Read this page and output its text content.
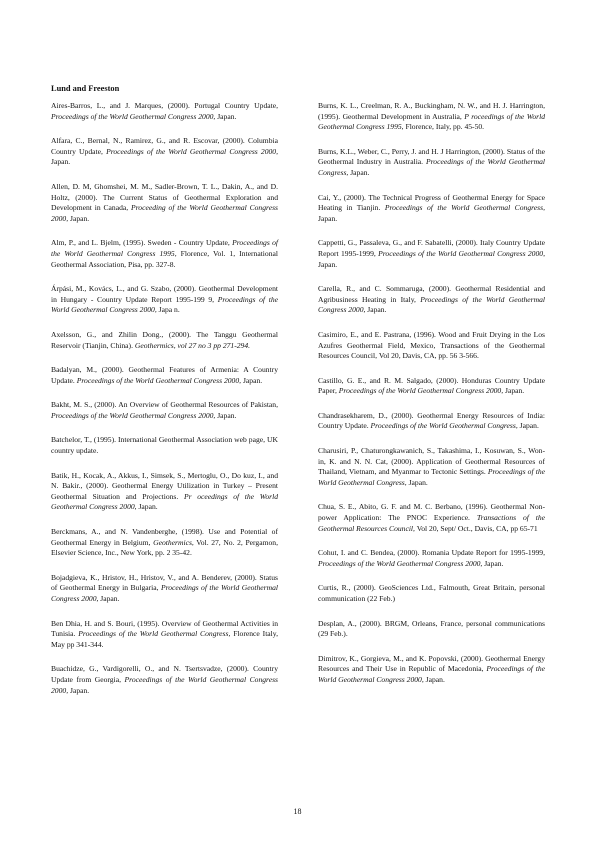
Lund and Freeston

Aires-Barros, L., and J. Marques, (2000). Portugal Country Update, Proceedings of the World Geothermal Congress 2000, Japan.

Alfara, C., Bernal, N., Ramirez, G., and R. Escovar, (2000). Columbia Country Update, Proceedings of the World Geothermal Congress 2000, Japan.

Allen, D. M, Ghomshei, M. M., Sadler-Brown, T. L., Dakin, A., and D. Holtz, (2000). The Current Status of Geothermal Exploration and Development in Canada, Proceeding of the World Geothermal Congress 2000, Japan.

Alm, P., and L. Bjelm, (1995). Sweden - Country Update, Proceedings of the World Geothermal Congress 1995, Florence, Vol. 1, International Geothermal Association, Pisa, pp. 327-8.

Árpási, M., Kovács, L., and G. Szabo, (2000). Geothermal Development in Hungary - Country Update Report 1995-199 9, Proceedings of the World Geothermal Congress 2000, Japa n.

Axelsson, G., and Zhilin Dong., (2000). The Tanggu Geothermal Reservoir (Tianjin, China). Geothermics, vol 27 no 3 pp 271-294.

Badalyan, M., (2000). Geothermal Features of Armenia: A Country Update. Proceedings of the World Geothermal Congress 2000, Japan.

Bakht, M. S., (2000). An Overview of Geothermal Resources of Pakistan, Proceedings of the World Geothermal Congress 2000, Japan.

Batchelor, T., (1995). International Geothermal Association web page, UK country update.

Batik, H., Kocak, A., Akkus, I., Simsek, S., Mertoglu, O., Do kuz, I., and N. Bakir., (2000). Geothermal Energy Utilization in Turkey – Present Geothermal Situation and Projections. Pr oceedings of the World Geothermal Congress 2000, Japan.

Berckmans, A., and N. Vandenberghe, (1998). Use and Potential of Geothermal Energy in Belgium, Geothermics, Vol. 27, No. 2, Pergamon, Elsevier Science, Inc., New York, pp. 2 35-42.

Bojadgieva, K., Hristov, H., Hristov, V., and A. Benderev, (2000). Status of Geothermal Energy in Bulgaria, Proceedings of the World Geothermal Congress 2000, Japan.

Ben Dhia, H. and S. Bouri, (1995). Overview of Geothermal Activities in Tunisia. Proceedings of the World Geothermal Congress, Florence Italy, May pp 341-344.

Buachidze, G., Vardigorelli, O., and N. Tsertsvadze, (2000). Country Update from Georgia, Proceedings of the World Geothermal Congress 2000, Japan.

Burns, K. L., Creelman, R. A., Buckingham, N. W., and H. J. Harrington, (1995). Geothermal Development in Australia, P roceedings of the World Geothermal Congress 1995, Florence, Italy, pp. 45-50.

Burns, K.L., Weber, C., Perry, J. and H. J Harrington, (2000). Status of the Geothermal Industry in Australia. Proceedings of the World Geothermal Congress, Japan.

Cai, Y., (2000). The Technical Progress of Geothermal Energy for Space Heating in Tianjin. Proceedings of the World Geothermal Congress, Japan.

Cappetti, G., Passaleva, G., and F. Sabatelli, (2000). Italy Country Update Report 1995-1999, Proceedings of the World Geothermal Congress 2000, Japan.

Carella, R., and C. Sommaruga, (2000). Geothermal Residential and Agribusiness Heating in Italy, Proceedings of the World Geothermal Congress 2000, Japan.

Casimiro, E., and E. Pastrana, (1996). Wood and Fruit Drying in the Los Azufres Geothermal Field, Mexico, Transactions of the Geothermal Resources Council, Vol 20, Davis, CA, pp. 56 3-566.

Castillo, G. E., and R. M. Salgado, (2000). Honduras Country Update Paper, Proceedings of the World Geothermal Congress 2000, Japan.

Chandrasekharem, D., (2000). Geothermal Energy Resources of India: Country Update. Proceedings of the World Geothermal Congress, Japan.

Charusiri, P., Chaturongkawanich, S., Takashima, I., Kosuwan, S., Won-in, K. and N. N. Cat, (2000). Application of Geothermal Resources of Thailand, Vietnam, and Myanmar to Tectonic Settings. Proceedings of the World Geothermal Congress, Japan.

Chua, S. E., Abito, G. F. and M. C. Berbano, (1996). Geothermal Non-power Application: The PNOC Experience. Transactions of the Geothermal Resources Council, Vol 20, Sept/ Oct., Davis, CA, pp 65-71

Cohut, I. and C. Bendea, (2000). Romania Update Report for 1995-1999, Proceedings of the World Geothermal Congress 2000, Japan.

Curtis, R., (2000). GeoSciences Ltd., Falmouth, Great Britain, personal communication (22 Feb.)

Desplan, A., (2000). BRGM, Orleans, France, personal communications (29 Feb.).

Dimitrov, K., Gorgieva, M., and K. Popovski, (2000). Geothermal Energy Resources and Their Use in Republic of Macedonia, Proceedings of the World Geothermal Congress 2000, Japan.

18
